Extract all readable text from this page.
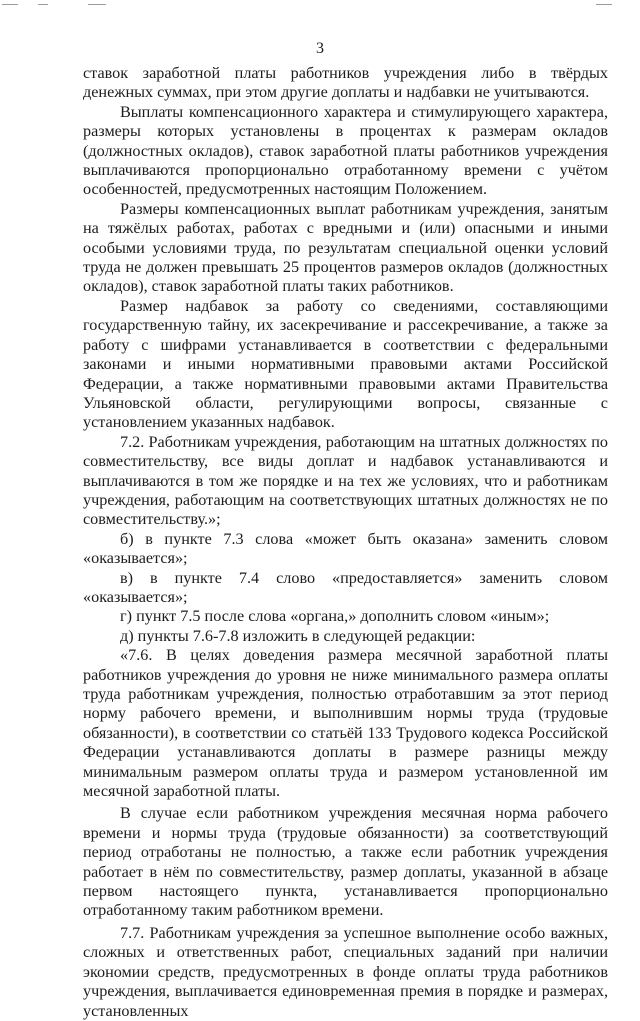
3

ставок заработной платы работников учреждения либо в твёрдых денежных суммах, при этом другие доплаты и надбавки не учитываются.

Выплаты компенсационного характера и стимулирующего характера, размеры которых установлены в процентах к размерам окладов (должностных окладов), ставок заработной платы работников учреждения выплачиваются пропорционально отработанному времени с учётом особенностей, предусмотренных настоящим Положением.

Размеры компенсационных выплат работникам учреждения, занятым на тяжёлых работах, работах с вредными и (или) опасными и иными особыми условиями труда, по результатам специальной оценки условий труда не должен превышать 25 процентов размеров окладов (должностных окладов), ставок заработной платы таких работников.

Размер надбавок за работу со сведениями, составляющими государственную тайну, их засекречивание и рассекречивание, а также за работу с шифрами устанавливается в соответствии с федеральными законами и иными нормативными правовыми актами Российской Федерации, а также нормативными правовыми актами Правительства Ульяновской области, регулирующими вопросы, связанные с установлением указанных надбавок.

7.2. Работникам учреждения, работающим на штатных должностях по совместительству, все виды доплат и надбавок устанавливаются и выплачиваются в том же порядке и на тех же условиях, что и работникам учреждения, работающим на соответствующих штатных должностях не по совместительству.»;

б) в пункте 7.3 слова «может быть оказана» заменить словом «оказывается»;

в) в пункте 7.4 слово «предоставляется» заменить словом «оказывается»;

г) пункт 7.5 после слова «органа,» дополнить словом «иным»;

д) пункты 7.6-7.8 изложить в следующей редакции:

«7.6. В целях доведения размера месячной заработной платы работников учреждения до уровня не ниже минимального размера оплаты труда работникам учреждения, полностью отработавшим за этот период норму рабочего времени, и выполнившим нормы труда (трудовые обязанности), в соответствии со статьёй 133 Трудового кодекса Российской Федерации устанавливаются доплаты в размере разницы между минимальным размером оплаты труда и размером установленной им месячной заработной платы.

В случае если работником учреждения месячная норма рабочего времени и нормы труда (трудовые обязанности) за соответствующий период отработаны не полностью, а также если работник учреждения работает в нём по совместительству, размер доплаты, указанной в абзаце первом настоящего пункта, устанавливается пропорционально отработанному таким работником времени.

7.7. Работникам учреждения за успешное выполнение особо важных, сложных и ответственных работ, специальных заданий при наличии экономии средств, предусмотренных в фонде оплаты труда работников учреждения, выплачивается единовременная премия в порядке и размерах, установленных
